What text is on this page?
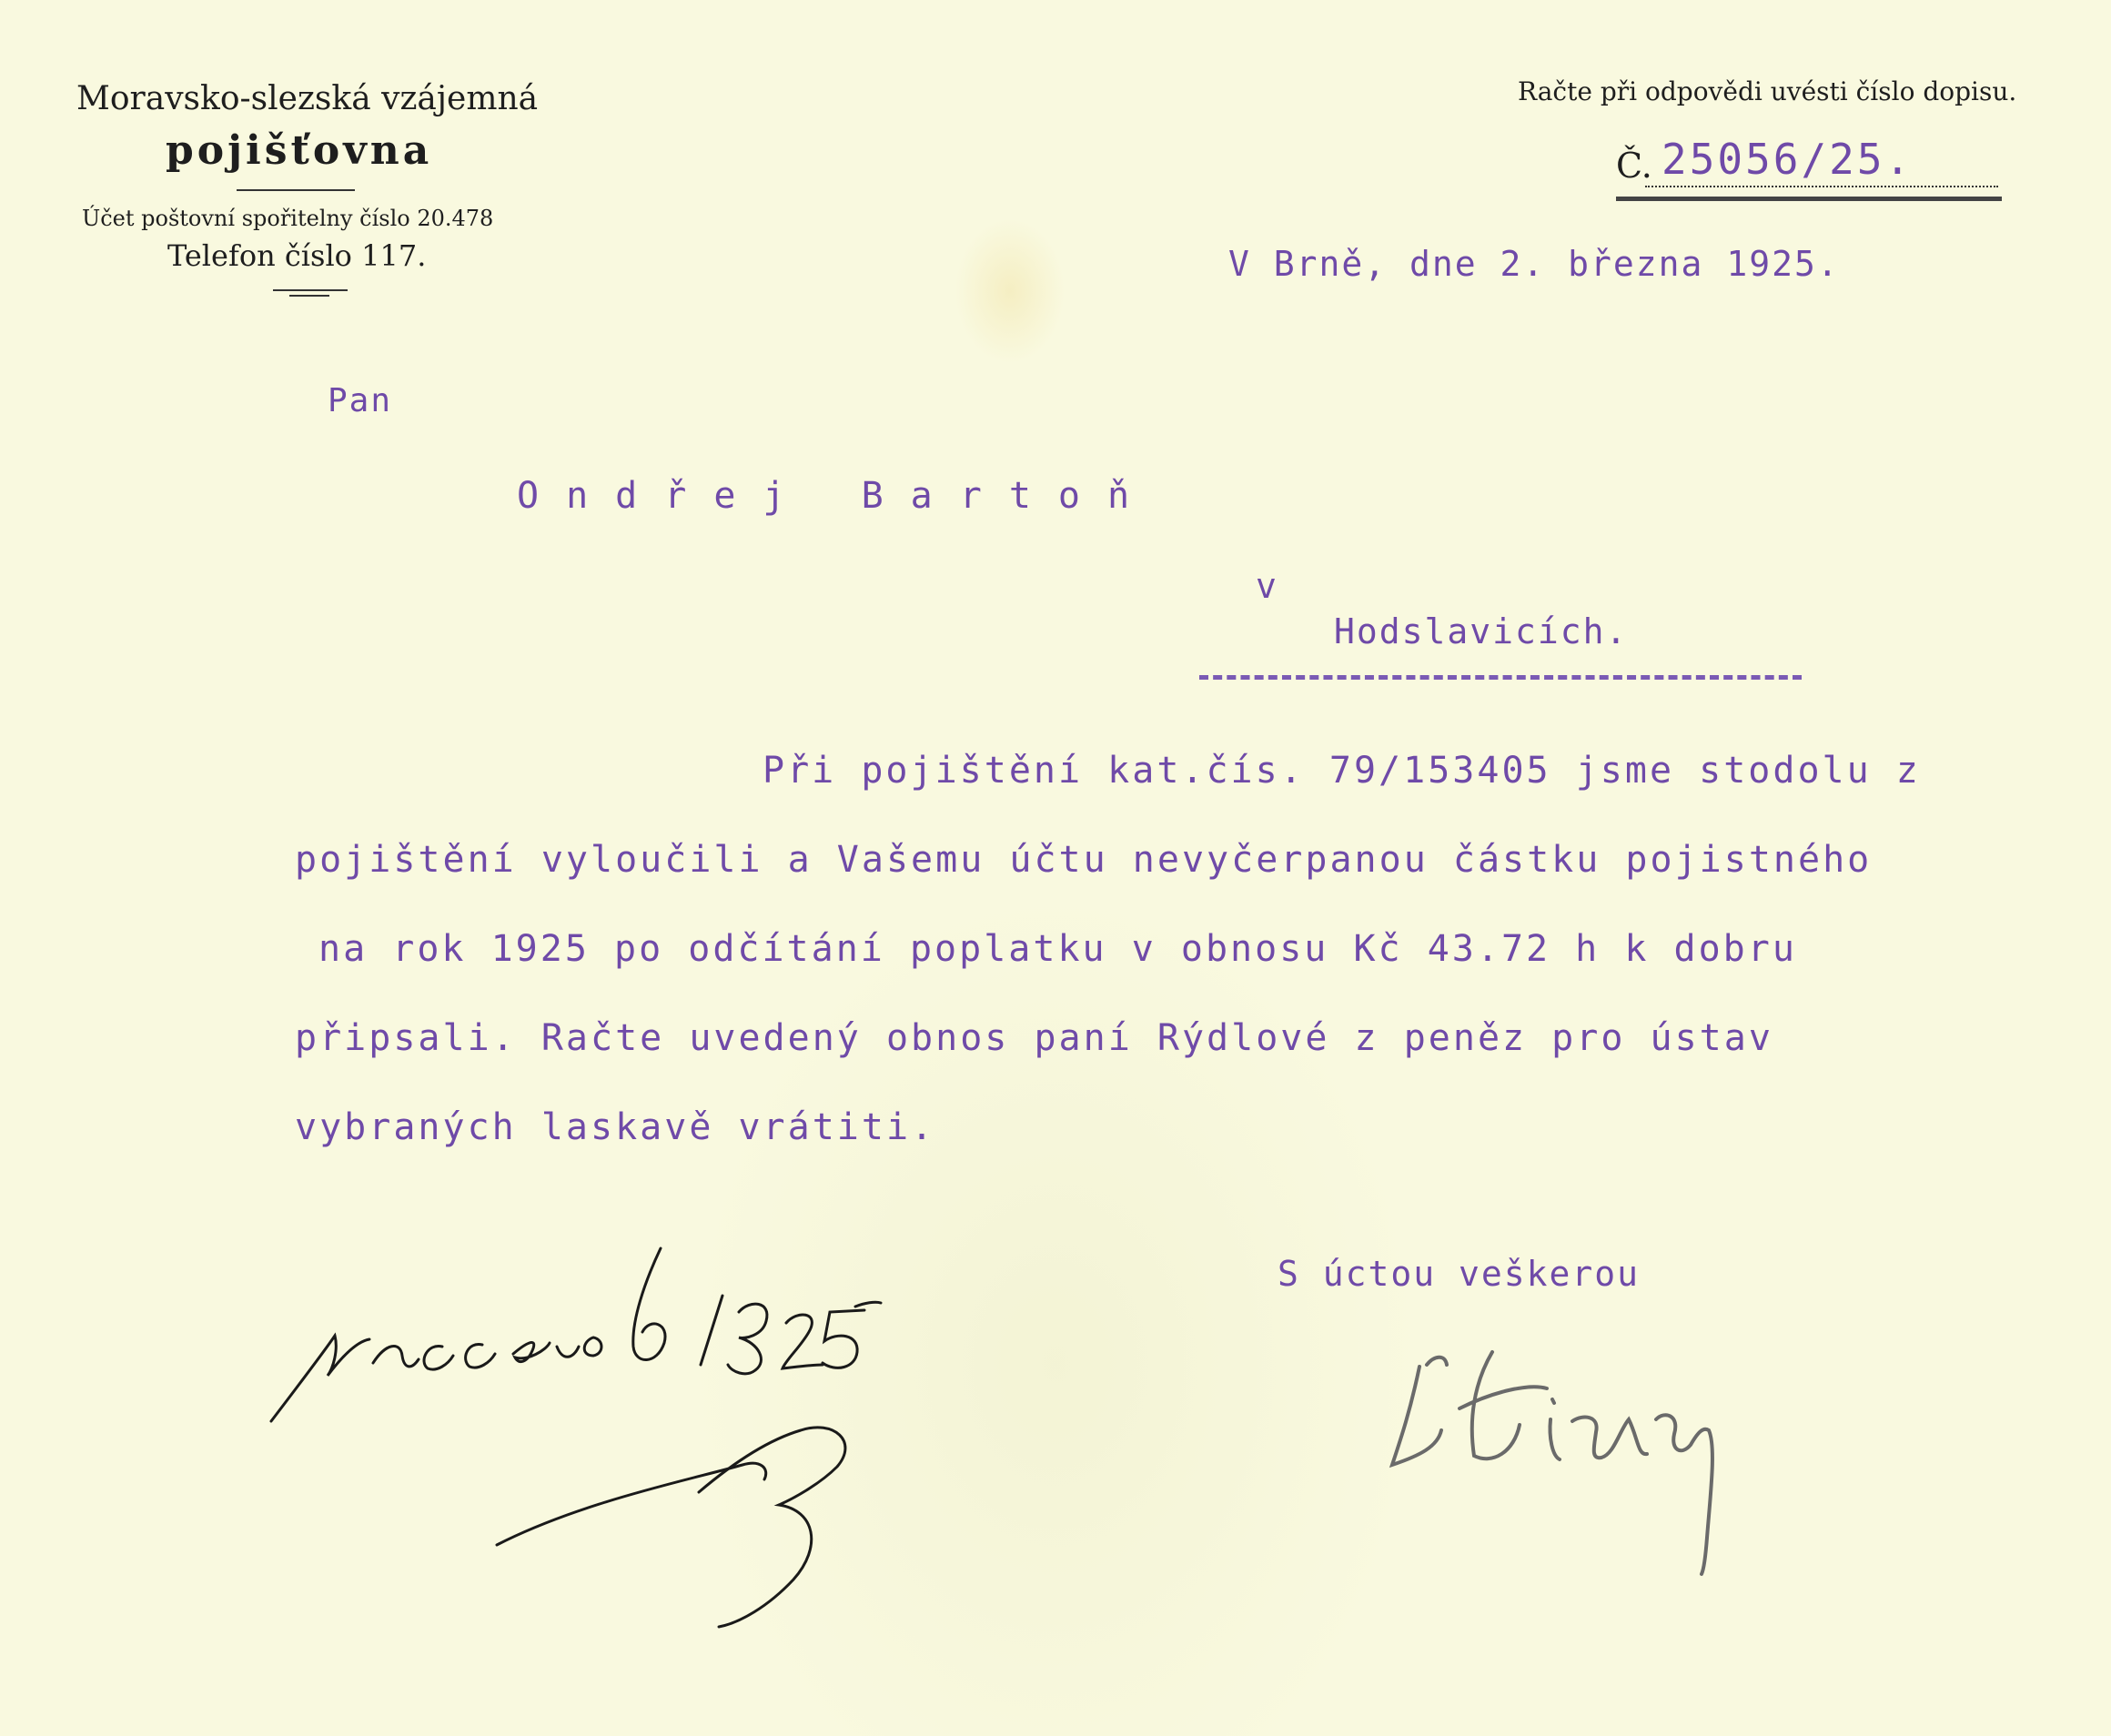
Moravsko-slezská vzájemná
pojišťovna
Účet poštovní spořitelny číslo 20.478
Telefon číslo 117.
Račte při odpovědi uvésti číslo dopisu.
Č. 25056/25.
V Brně, dne 2. března 1925.
Pan
Ondřej Bartoň
v
Hodslavicích.
Při pojištění kat.čís. 79/153405 jsme stodolu z
pojištění vyloučili a Vašemu účtu nevyčerpanou částku pojistného
na rok 1925 po odčítání poplatku v obnosu Kč 43.72 h k dobru
připsali. Račte uvedený obnos paní Rýdlové z peněz pro ústav
vybraných laskavě vrátiti.
S úctou veškerou
